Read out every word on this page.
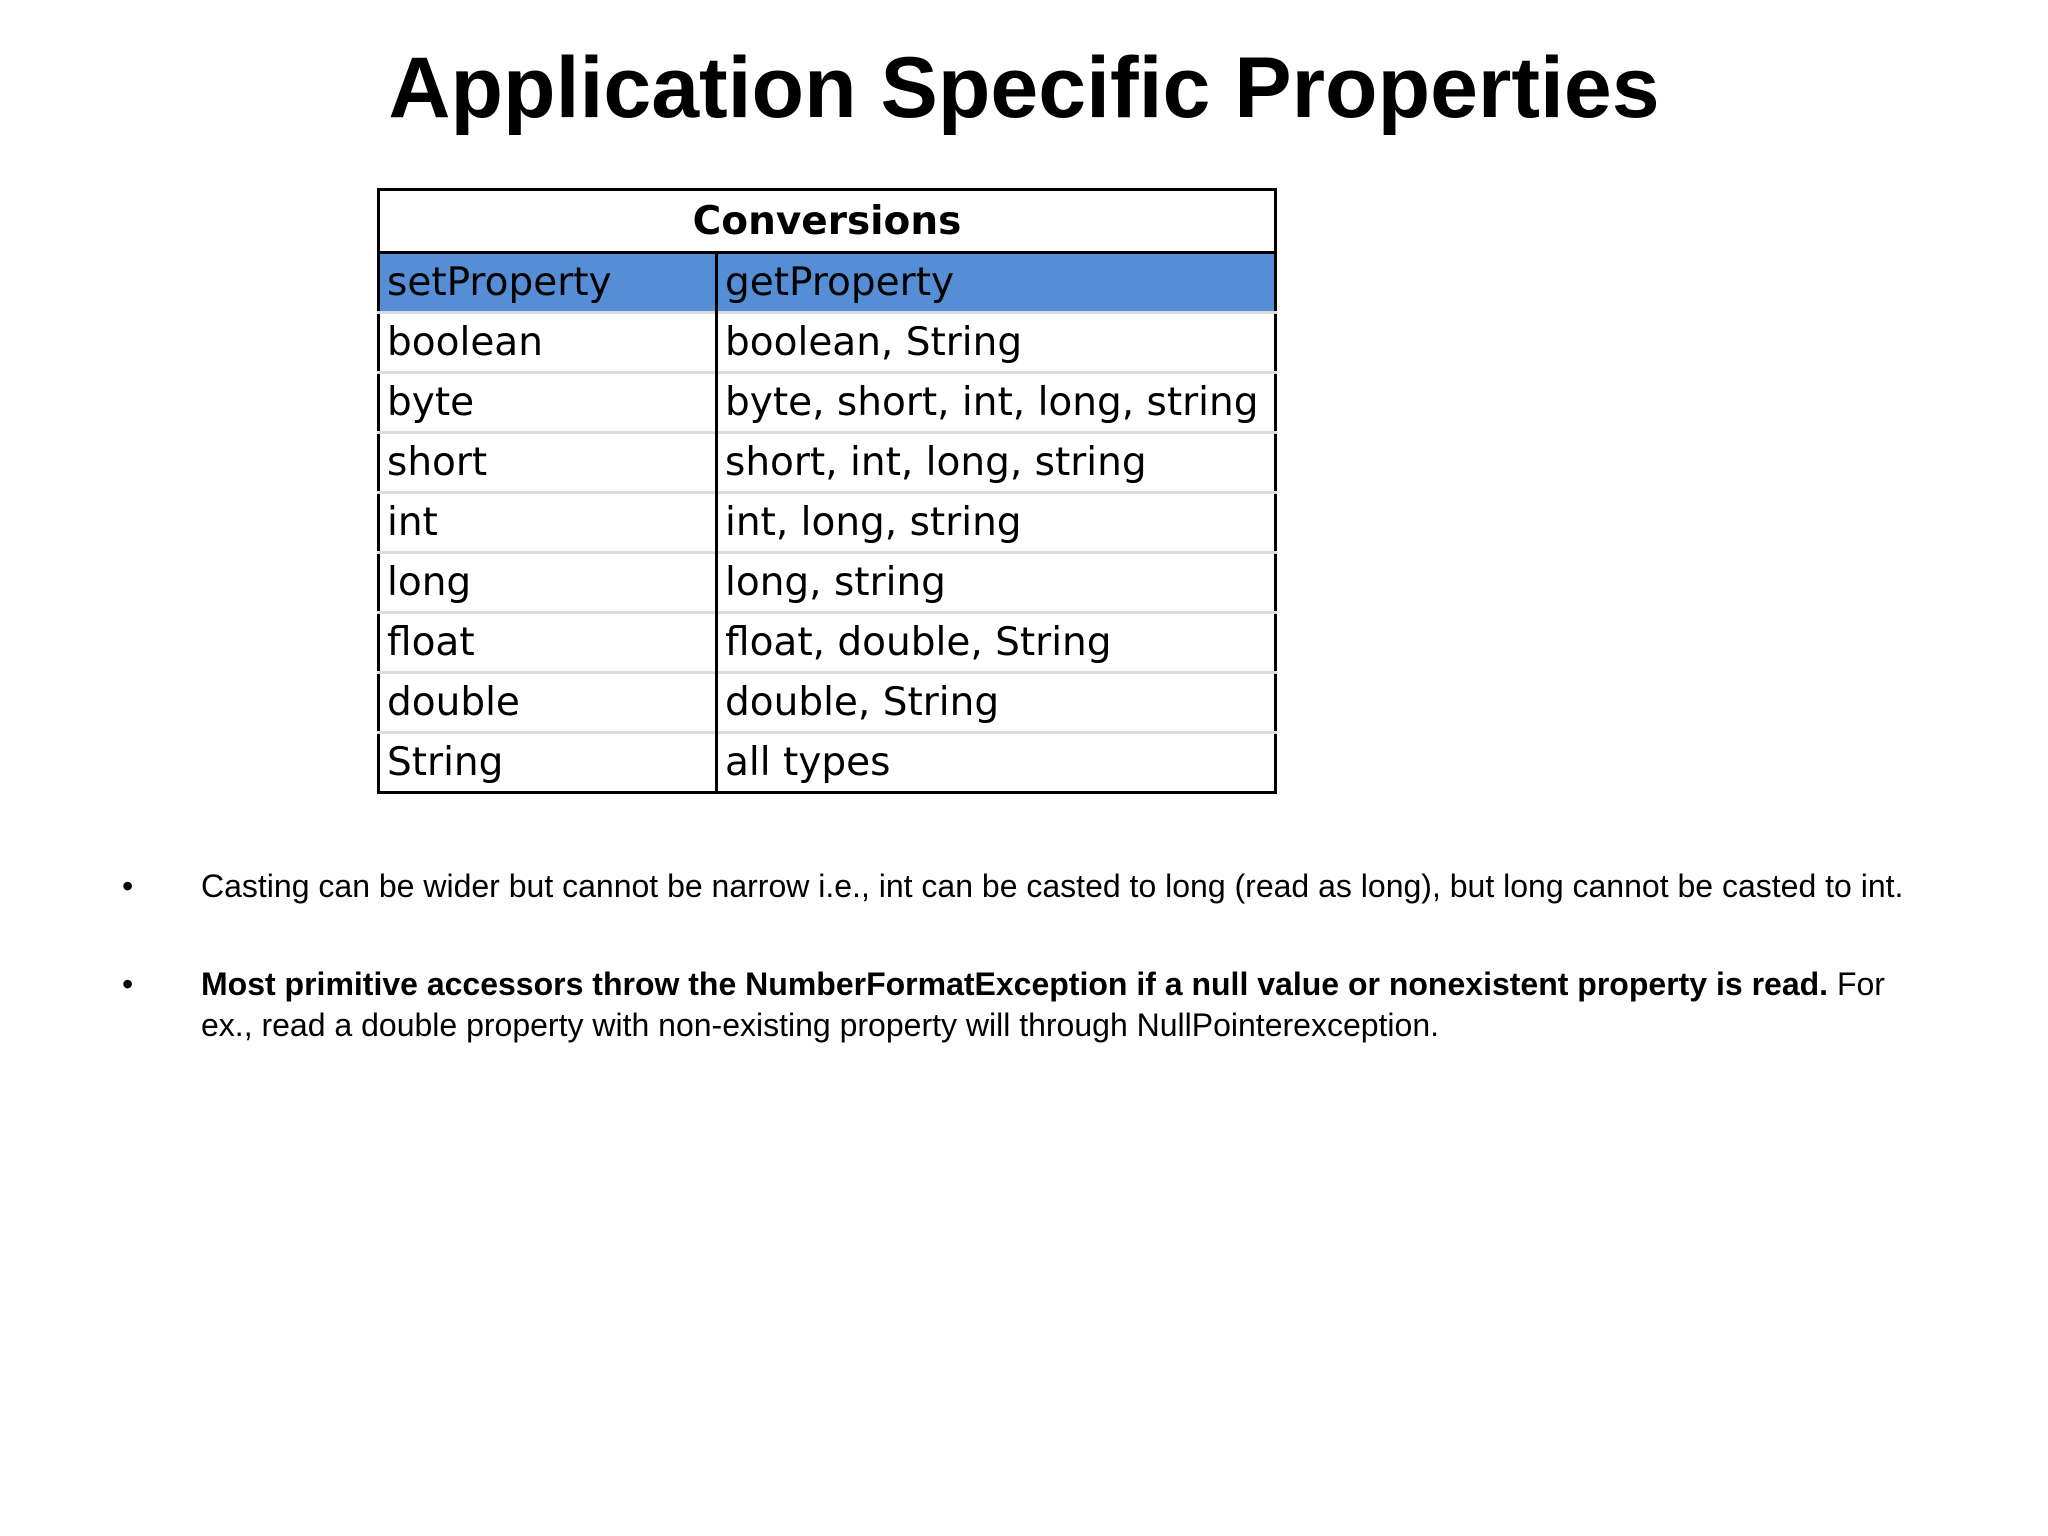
Application Specific Properties
Conversions	
setProperty	getProperty
boolean	boolean, String
byte	byte, short, int, long, string
short	short, int, long, string
int	int, long, string
long	long, string
float	float, double, String
double	double, String
String	all types
• Casting can be wider but cannot be narrow i.e., int can be casted to long (read as long), but long cannot be casted to int.
• Most primitive accessors throw the NumberFormatException if a null value or nonexistent property is read. For ex., read a double property with non-existing property will through NullPointerexception.
